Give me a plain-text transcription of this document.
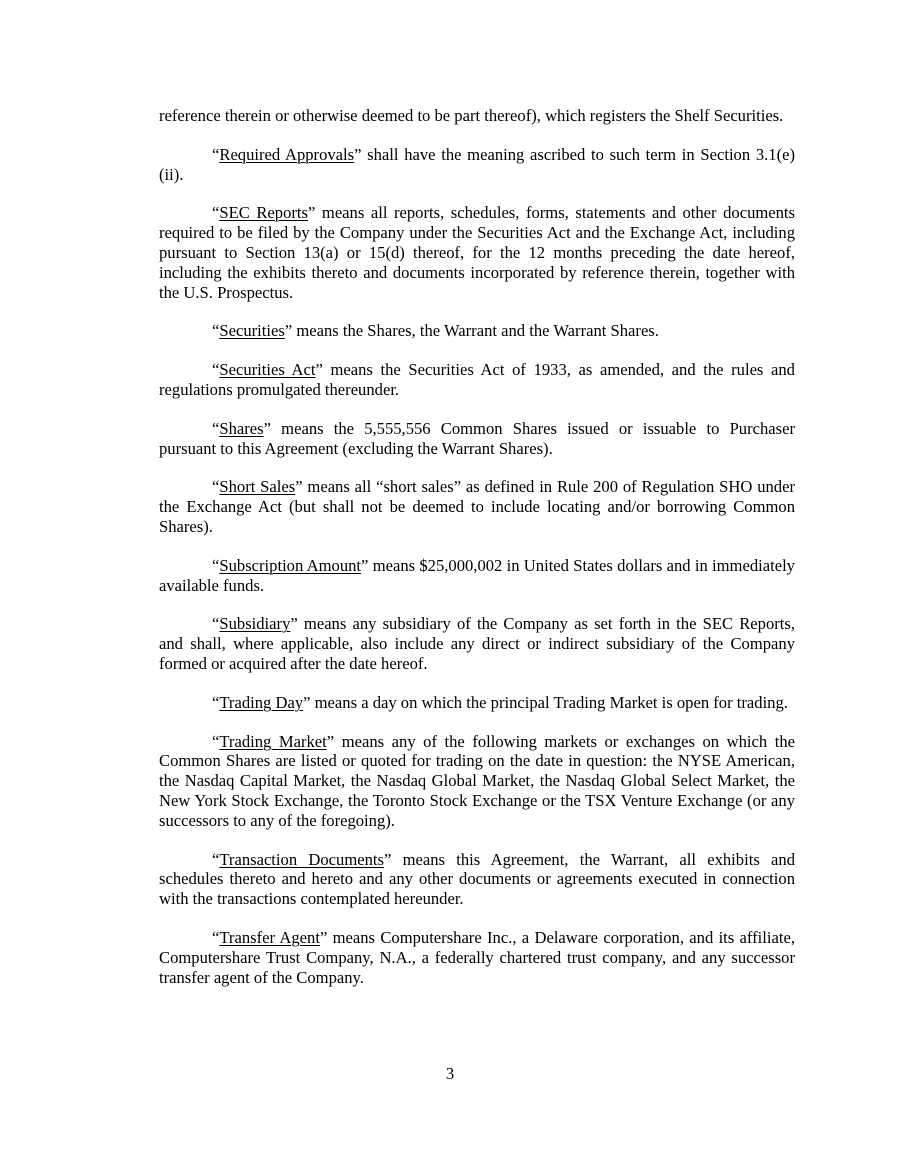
reference therein or otherwise deemed to be part thereof), which registers the Shelf Securities.

“Required Approvals” shall have the meaning ascribed to such term in Section 3.1(e)(ii).

“SEC Reports” means all reports, schedules, forms, statements and other documents required to be filed by the Company under the Securities Act and the Exchange Act, including pursuant to Section 13(a) or 15(d) thereof, for the 12 months preceding the date hereof, including the exhibits thereto and documents incorporated by reference therein, together with the U.S. Prospectus.

“Securities” means the Shares, the Warrant and the Warrant Shares.

“Securities Act” means the Securities Act of 1933, as amended, and the rules and regulations promulgated thereunder.

“Shares” means the 5,555,556 Common Shares issued or issuable to Purchaser pursuant to this Agreement (excluding the Warrant Shares).

“Short Sales” means all “short sales” as defined in Rule 200 of Regulation SHO under the Exchange Act (but shall not be deemed to include locating and/or borrowing Common Shares).

“Subscription Amount” means $25,000,002 in United States dollars and in immediately available funds.

“Subsidiary” means any subsidiary of the Company as set forth in the SEC Reports, and shall, where applicable, also include any direct or indirect subsidiary of the Company formed or acquired after the date hereof.

“Trading Day” means a day on which the principal Trading Market is open for trading.

“Trading Market” means any of the following markets or exchanges on which the Common Shares are listed or quoted for trading on the date in question: the NYSE American, the Nasdaq Capital Market, the Nasdaq Global Market, the Nasdaq Global Select Market, the New York Stock Exchange, the Toronto Stock Exchange or the TSX Venture Exchange (or any successors to any of the foregoing).

“Transaction Documents” means this Agreement, the Warrant, all exhibits and schedules thereto and hereto and any other documents or agreements executed in connection with the transactions contemplated hereunder.

“Transfer Agent” means Computershare Inc., a Delaware corporation, and its affiliate, Computershare Trust Company, N.A., a federally chartered trust company, and any successor transfer agent of the Company.

3
